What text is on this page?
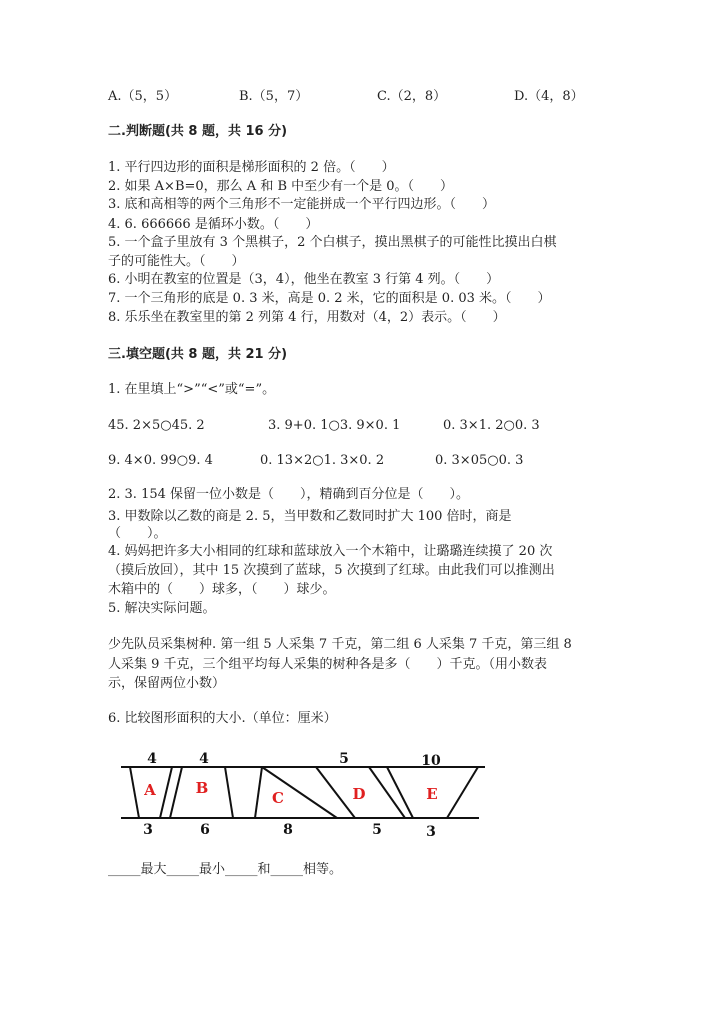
A.（5，5）	B.（5，7）	C.（2，8）	D.（4，8）
二.判断题(共 8 题，共 16 分)
1. 平行四边形的面积是梯形面积的 2 倍。（　　）
2. 如果 A×B=0，那么 A 和 B 中至少有一个是 0。（　　）
3. 底和高相等的两个三角形不一定能拼成一个平行四边形。（　　）
4. 6. 666666 是循环小数。（　　）
5. 一个盒子里放有 3 个黑棋子，2 个白棋子，摸出黑棋子的可能性比摸出白棋
子的可能性大。（　　）
6. 小明在教室的位置是（3，4），他坐在教室 3 行第 4 列。（　　）
7. 一个三角形的底是 0. 3 米，高是 0. 2 米，它的面积是 0. 03 米。（　　）
8. 乐乐坐在教室里的第 2 列第 4 行，用数对（4，2）表示。（　　）
三.填空题(共 8 题，共 21 分)
1. 在里填上“>”“<”或“=”。
45. 2×5○45. 2	3. 9+0. 1○3. 9×0. 1	0. 3×1. 2○0. 3
9. 4×0. 99○9. 4	0. 13×2○1. 3×0. 2	0. 3×05○0. 3
2. 3. 154 保留一位小数是（　　），精确到百分位是（　　）。
3. 甲数除以乙数的商是 2. 5，当甲数和乙数同时扩大 100 倍时，商是
（　　）。
4. 妈妈把许多大小相同的红球和蓝球放入一个木箱中，让璐璐连续摸了 20 次
（摸后放回），其中 15 次摸到了蓝球，5 次摸到了红球。由此我们可以推测出
木箱中的（　　）球多，（　　）球少。
5. 解决实际问题。
少先队员采集树种. 第一组 5 人采集 7 千克，第二组 6 人采集 7 千克，第三组 8
人采集 9 千克，三个组平均每人采集的树种各是多（　　）千克。（用小数表
示，保留两位小数）
6. 比较图形面积的大小.（单位：厘米）
4	4	5	10
3	6	8	5	3
A	B
C	D	E
_____最大_____最小_____和_____相等。
